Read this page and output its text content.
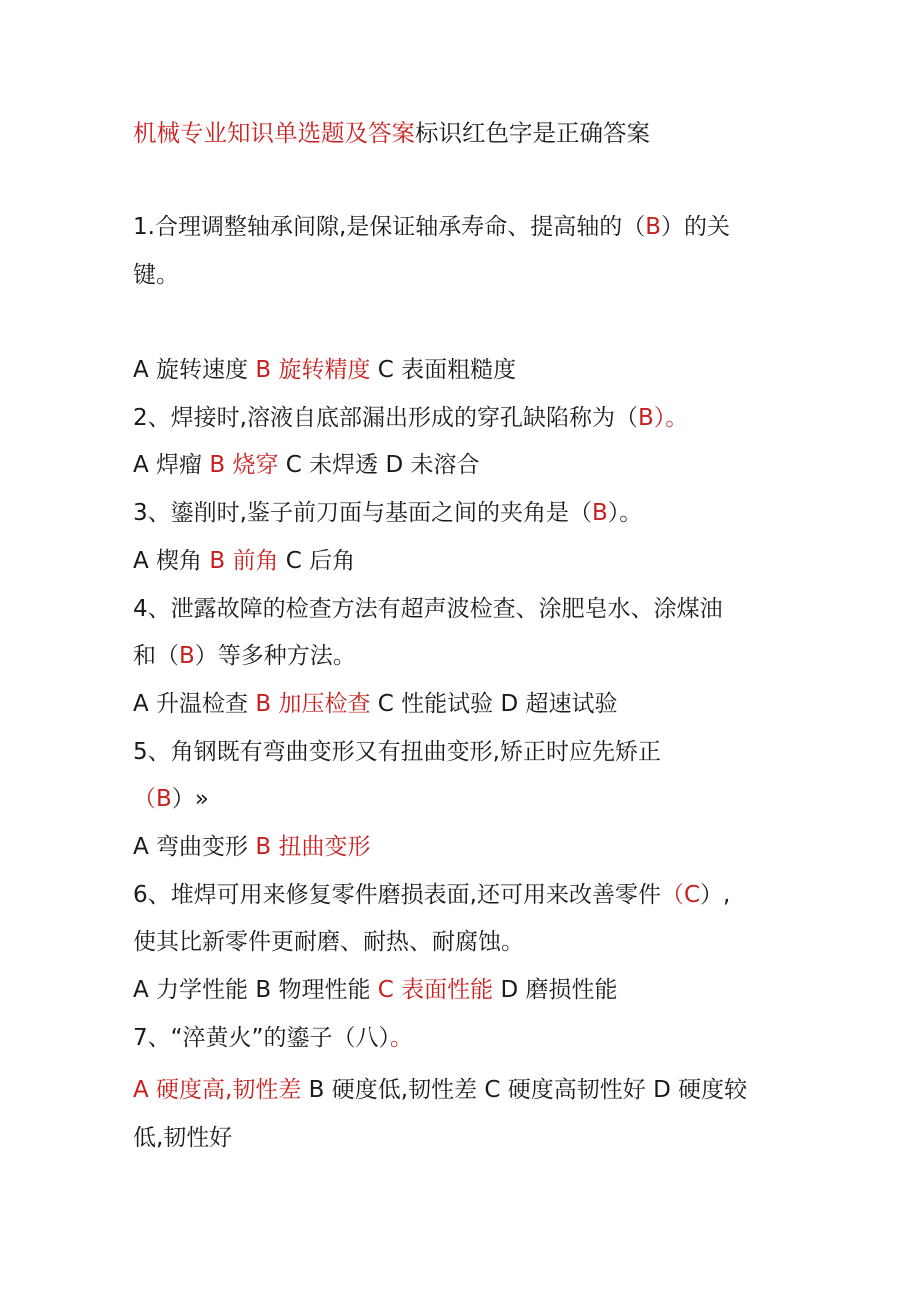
机械专业知识单选题及答案标识红色字是正确答案
1.合理调整轴承间隙,是保证轴承寿命、提高轴的（B）的关
键。
A 旋转速度 B 旋转精度 C 表面粗糙度
2、焊接时,溶液自底部漏出形成的穿孔缺陷称为（B）。
A 焊瘤 B 烧穿 C 未焊透 D 未溶合
3、鎏削时,鉴子前刀面与基面之间的夹角是（B）。
A 楔角 B 前角 C 后角
4、泄露故障的检查方法有超声波检查、涂肥皂水、涂煤油
和（B）等多种方法。
A 升温检查 B 加压检查 C 性能试验 D 超速试验
5、角钢既有弯曲变形又有扭曲变形,矫正时应先矫正
（B）»
A 弯曲变形 B 扭曲变形
6、堆焊可用来修复零件磨损表面,还可用来改善零件（C）,
使其比新零件更耐磨、耐热、耐腐蚀。
A 力学性能 B 物理性能 C 表面性能 D 磨损性能
7、“淬黄火”的鎏子（八）。
A 硬度高,韧性差 B 硬度低,韧性差 C 硬度高韧性好 D 硬度较
低,韧性好
